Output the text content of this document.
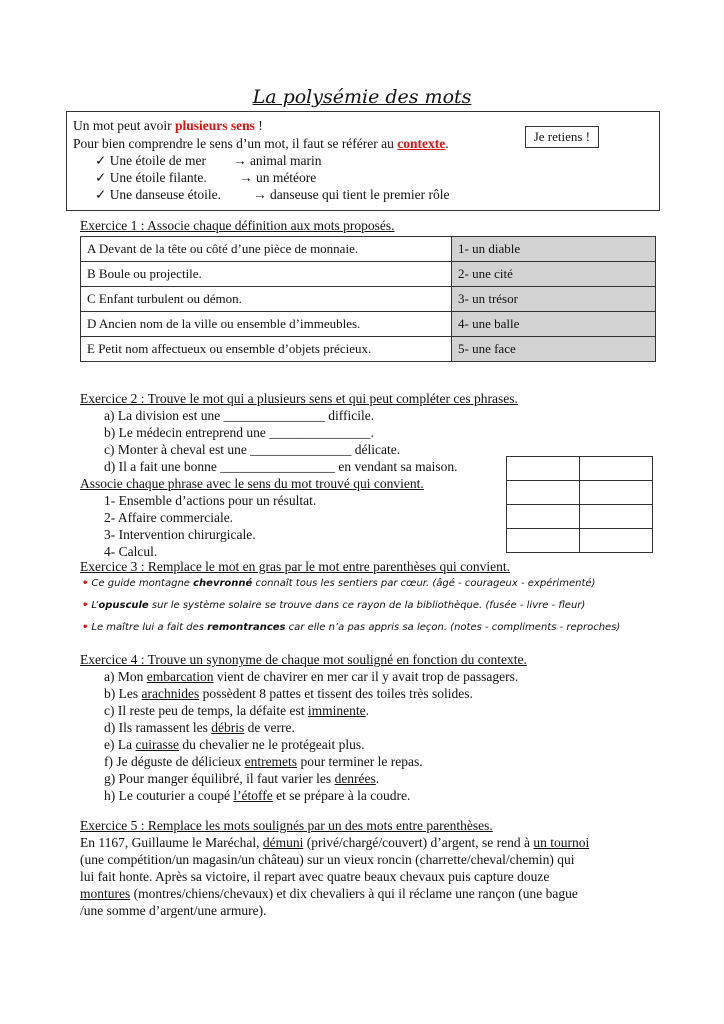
La polysémie des mots
Un mot peut avoir plusieurs sens !
Pour bien comprendre le sens d’un mot, il faut se référer au contexte.
✓ Une étoile de mer → animal marin
✓ Une étoile filante. → un météore
✓ Une danseuse étoile. → danseuse qui tient le premier rôle
Je retiens !
Exercice 1 : Associe chaque définition aux mots proposés.
A Devant de la tête ou côté d’une pièce de monnaie.	1- un diable
B Boule ou projectile.	2- une cité
C Enfant turbulent ou démon.	3- un trésor
D Ancien nom de la ville ou ensemble d’immeubles.	4- une balle
E Petit nom affectueux ou ensemble d’objets précieux.	5- une face
Exercice 2 : Trouve le mot qui a plusieurs sens et qui peut compléter ces phrases.
a) La division est une _______________ difficile.
b) Le médecin entreprend une _______________.
c) Monter à cheval est une _______________ délicate.
d) Il a fait une bonne _________________ en vendant sa maison.
Associe chaque phrase avec le sens du mot trouvé qui convient.
1- Ensemble d’actions pour un résultat.
2- Affaire commerciale.
3- Intervention chirurgicale.
4- Calcul.

Exercice 3 : Remplace le mot en gras par le mot entre parenthèses qui convient.
• Ce guide montagne chevronné connaît tous les sentiers par cœur. (âgé - courageux - expérimenté)
• L’opuscule sur le système solaire se trouve dans ce rayon de la bibliothèque. (fusée - livre - fleur)
• Le maître lui a fait des remontrances car elle n’a pas appris sa leçon. (notes - compliments - reproches)
Exercice 4 : Trouve un synonyme de chaque mot souligné en fonction du contexte.
a) Mon embarcation vient de chavirer en mer car il y avait trop de passagers.
b) Les arachnides possèdent 8 pattes et tissent des toiles très solides.
c) Il reste peu de temps, la défaite est imminente.
d) Ils ramassent les débris de verre.
e) La cuirasse du chevalier ne le protégeait plus.
f) Je déguste de délicieux entremets pour terminer le repas.
g) Pour manger équilibré, il faut varier les denrées.
h) Le couturier a coupé l’étoffe et se prépare à la coudre.
Exercice 5 : Remplace les mots soulignés par un des mots entre parenthèses.
En 1167, Guillaume le Maréchal, démuni (privé/chargé/couvert) d’argent, se rend à un tournoi
(une compétition/un magasin/un château) sur un vieux roncin (charrette/cheval/chemin) qui
lui fait honte. Après sa victoire, il repart avec quatre beaux chevaux puis capture douze
montures (montres/chiens/chevaux) et dix chevaliers à qui il réclame une rançon (une bague
/une somme d’argent/une armure).
